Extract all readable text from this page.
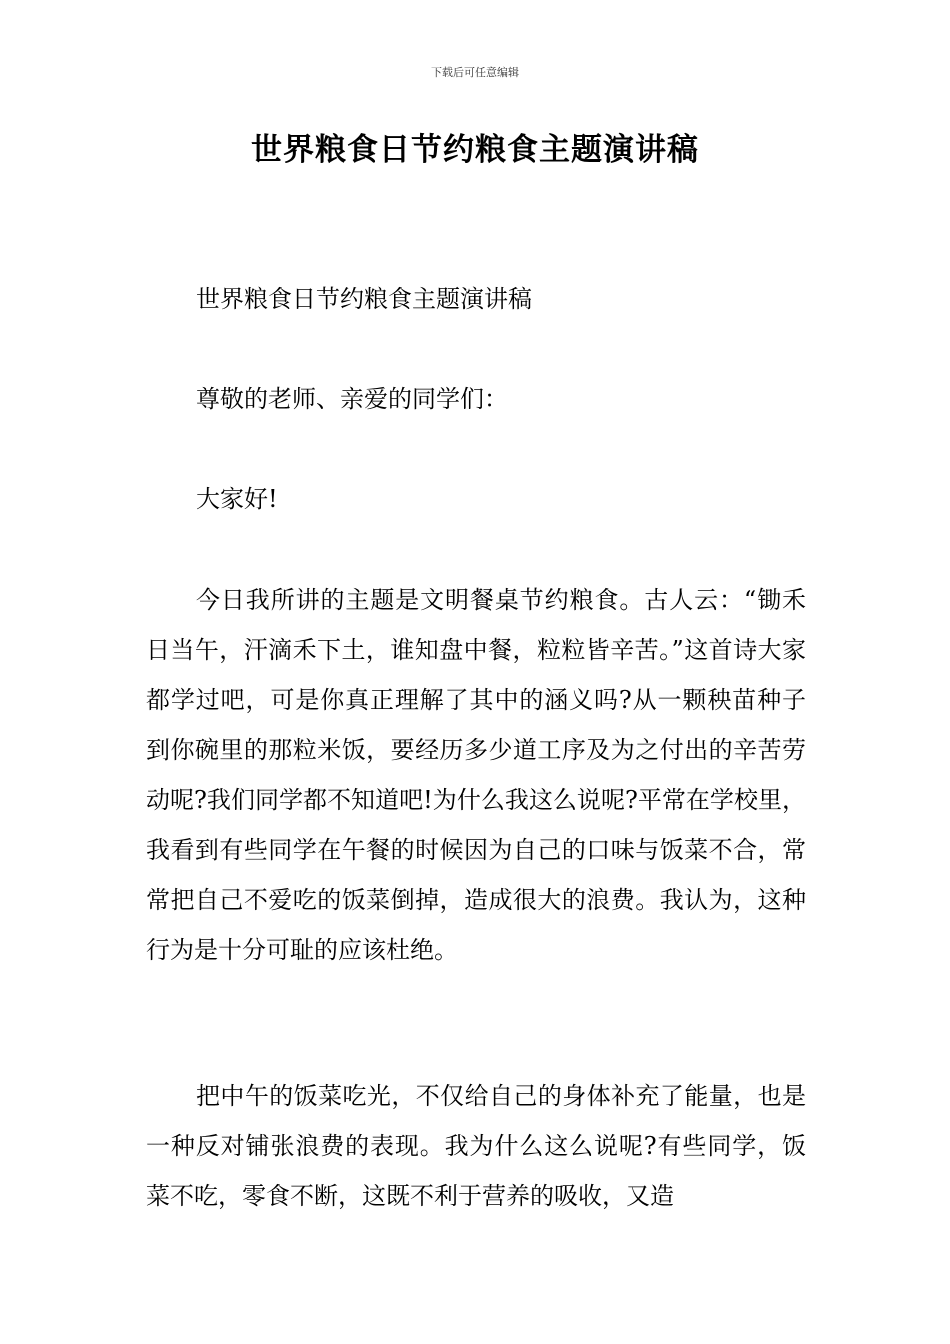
下载后可任意编辑
世界粮食日节约粮食主题演讲稿
世界粮食日节约粮食主题演讲稿
尊敬的老师、亲爱的同学们：
大家好!
今日我所讲的主题是文明餐桌节约粮食。古人云：“锄禾日当午，汗滴禾下土，谁知盘中餐，粒粒皆辛苦。”这首诗大家都学过吧，可是你真正理解了其中的涵义吗?从一颗秧苗种子到你碗里的那粒米饭，要经历多少道工序及为之付出的辛苦劳动呢?我们同学都不知道吧!为什么我这么说呢?平常在学校里，我看到有些同学在午餐的时候因为自己的口味与饭菜不合，常常把自己不爱吃的饭菜倒掉，造成很大的浪费。我认为，这种行为是十分可耻的应该杜绝。
把中午的饭菜吃光，不仅给自己的身体补充了能量，也是一种反对铺张浪费的表现。我为什么这么说呢?有些同学，饭菜不吃，零食不断，这既不利于营养的吸收，又造
